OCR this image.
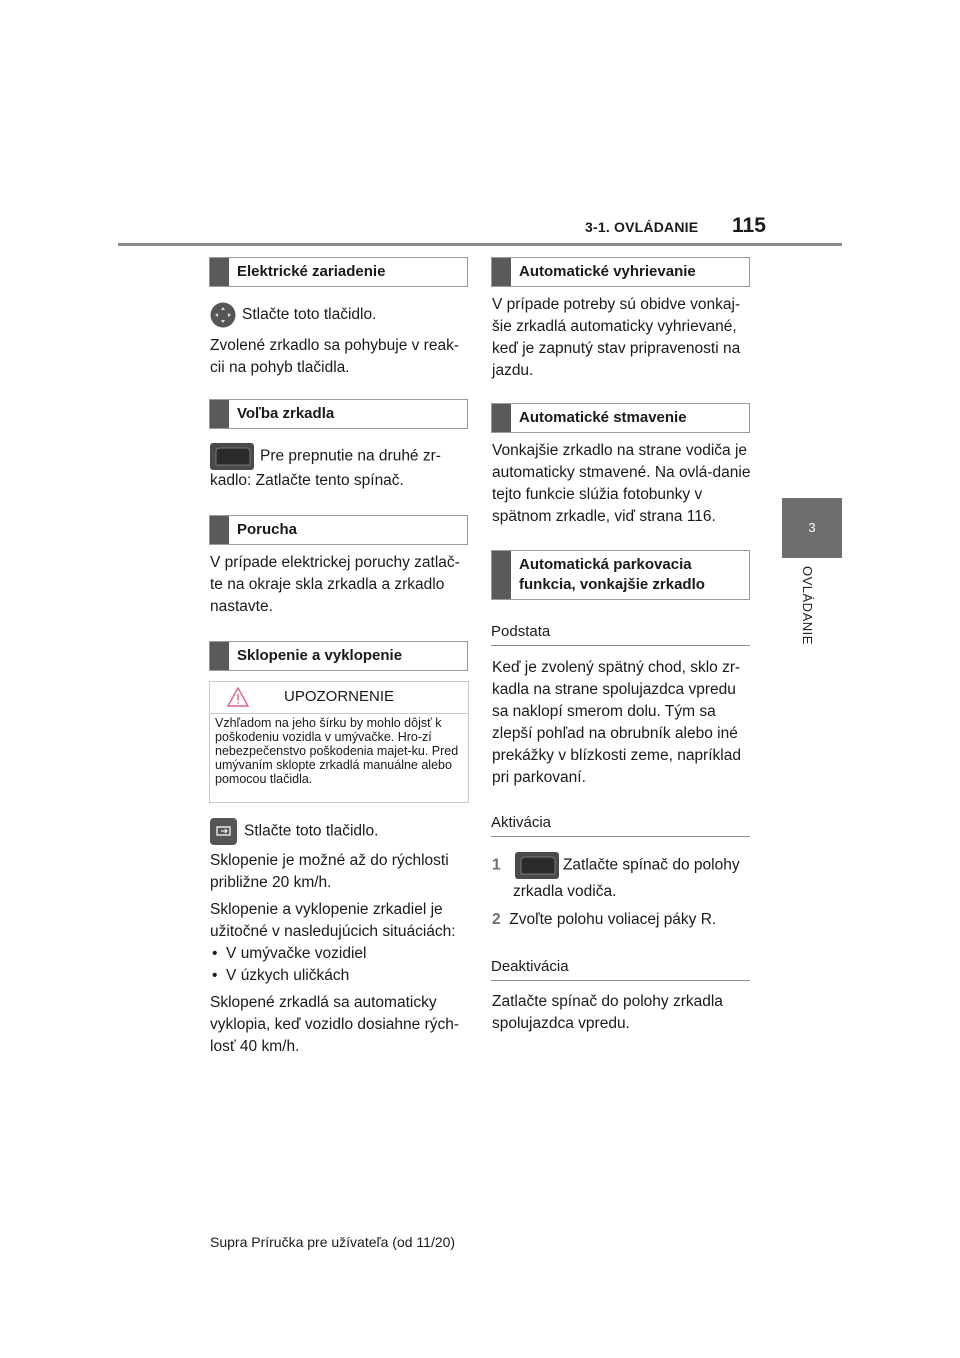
3-1. OVLÁDANIE 115
3
OVLÁDANIE
Elektrické zariadenie
Stlačte toto tlačidlo.
Zvolené zrkadlo sa pohybuje v reak-cii na pohyb tlačidla.
Voľba zrkadla
Pre prepnutie na druhé zr-
kadlo: Zatlačte tento spínač.
Porucha
V prípade elektrickej poruchy zatlač-te na okraje skla zrkadla a zrkadlo nastavte.
Sklopenie a vyklopenie
UPOZORNENIE
Vzhľadom na jeho šírku by mohlo dôjsť k poškodeniu vozidla v umývačke. Hro-zí nebezpečenstvo poškodenia majet-ku. Pred umývaním sklopte zrkadlá manuálne alebo pomocou tlačidla.
Stlačte toto tlačidlo.
Sklopenie je možné až do rýchlosti približne 20 km/h.
Sklopenie a vyklopenie zrkadiel je užitočné v nasledujúcich situáciách:
•  V umývačke vozidiel
•  V úzkych uličkách
Sklopené zrkadlá sa automaticky vyklopia, keď vozidlo dosiahne rých-losť 40 km/h.
Automatické vyhrievanie
V prípade potreby sú obidve vonkaj-šie zrkadlá automaticky vyhrievané, keď je zapnutý stav pripravenosti na jazdu.
Automatické stmavenie
Vonkajšie zrkadlo na strane vodiča je automaticky stmavené. Na ovlá-danie tejto funkcie slúžia fotobunky v spätnom zrkadle, viď strana 116.
Automatická parkovacia funkcia, vonkajšie zrkadlo
Podstata
Keď je zvolený spätný chod, sklo zr-kadla na strane spolujazdca vpredu sa naklopí smerom dolu. Tým sa zlepší pohľad na obrubník alebo iné prekážky v blízkosti zeme, napríklad pri parkovaní.
Aktivácia
1	Zatlačte spínač do polohy
zrkadla vodiča.
2 Zvoľte polohu voliacej páky R.
Deaktivácia
Zatlačte spínač do polohy zrkadla spolujazdca vpredu.
Supra Príručka pre užívateľa (od 11/20)
